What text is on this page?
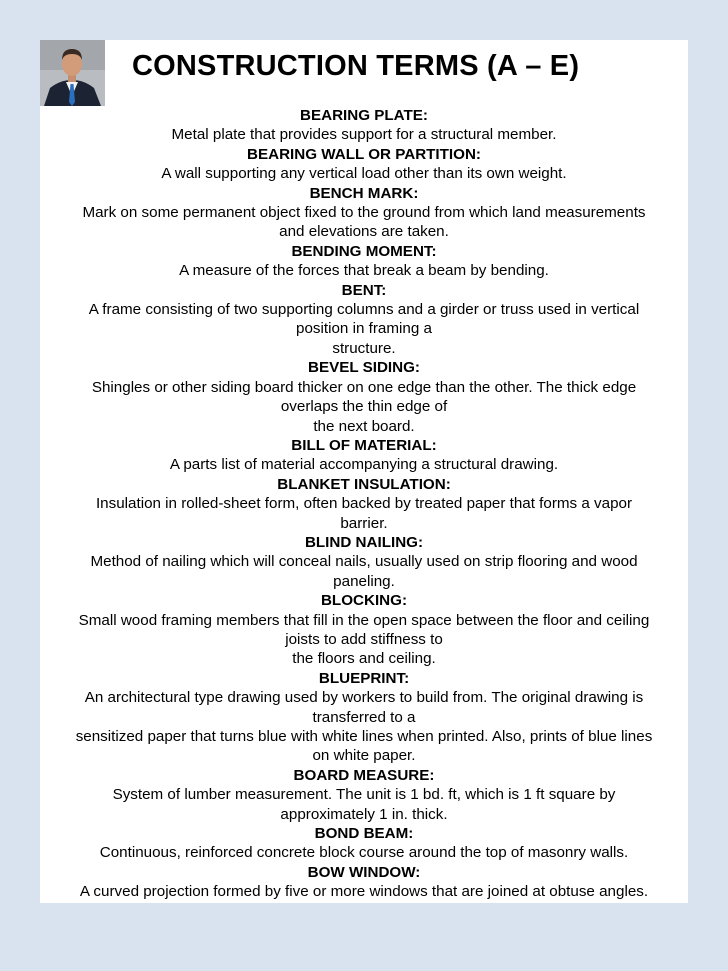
CONSTRUCTION TERMS (A – E)
BEARING PLATE:
Metal plate that provides support for a structural member.
BEARING WALL OR PARTITION:
A wall supporting any vertical load other than its own weight.
BENCH MARK:
Mark on some permanent object fixed to the ground from which land measurements
and elevations are taken.
BENDING MOMENT:
A measure of the forces that break a beam by bending.
BENT:
A frame consisting of two supporting columns and a girder or truss used in vertical
position in framing a
structure.
BEVEL SIDING:
Shingles or other siding board thicker on one edge than the other. The thick edge
overlaps the thin edge of
the next board.
BILL OF MATERIAL:
A parts list of material accompanying a structural drawing.
BLANKET INSULATION:
Insulation in rolled-sheet form, often backed by treated paper that forms a vapor
barrier.
BLIND NAILING:
Method of nailing which will conceal nails, usually used on strip flooring and wood
paneling.
BLOCKING:
Small wood framing members that fill in the open space between the floor and ceiling
joists to add stiffness to
the floors and ceiling.
BLUEPRINT:
An architectural type drawing used by workers to build from. The original drawing is
transferred to a
sensitized paper that turns blue with white lines when printed. Also, prints of blue lines
on white paper.
BOARD MEASURE:
System of lumber measurement. The unit is 1 bd. ft, which is 1 ft square by
approximately 1 in. thick.
BOND BEAM:
Continuous, reinforced concrete block course around the top of masonry walls.
BOW WINDOW:
A curved projection formed by five or more windows that are joined at obtuse angles.
